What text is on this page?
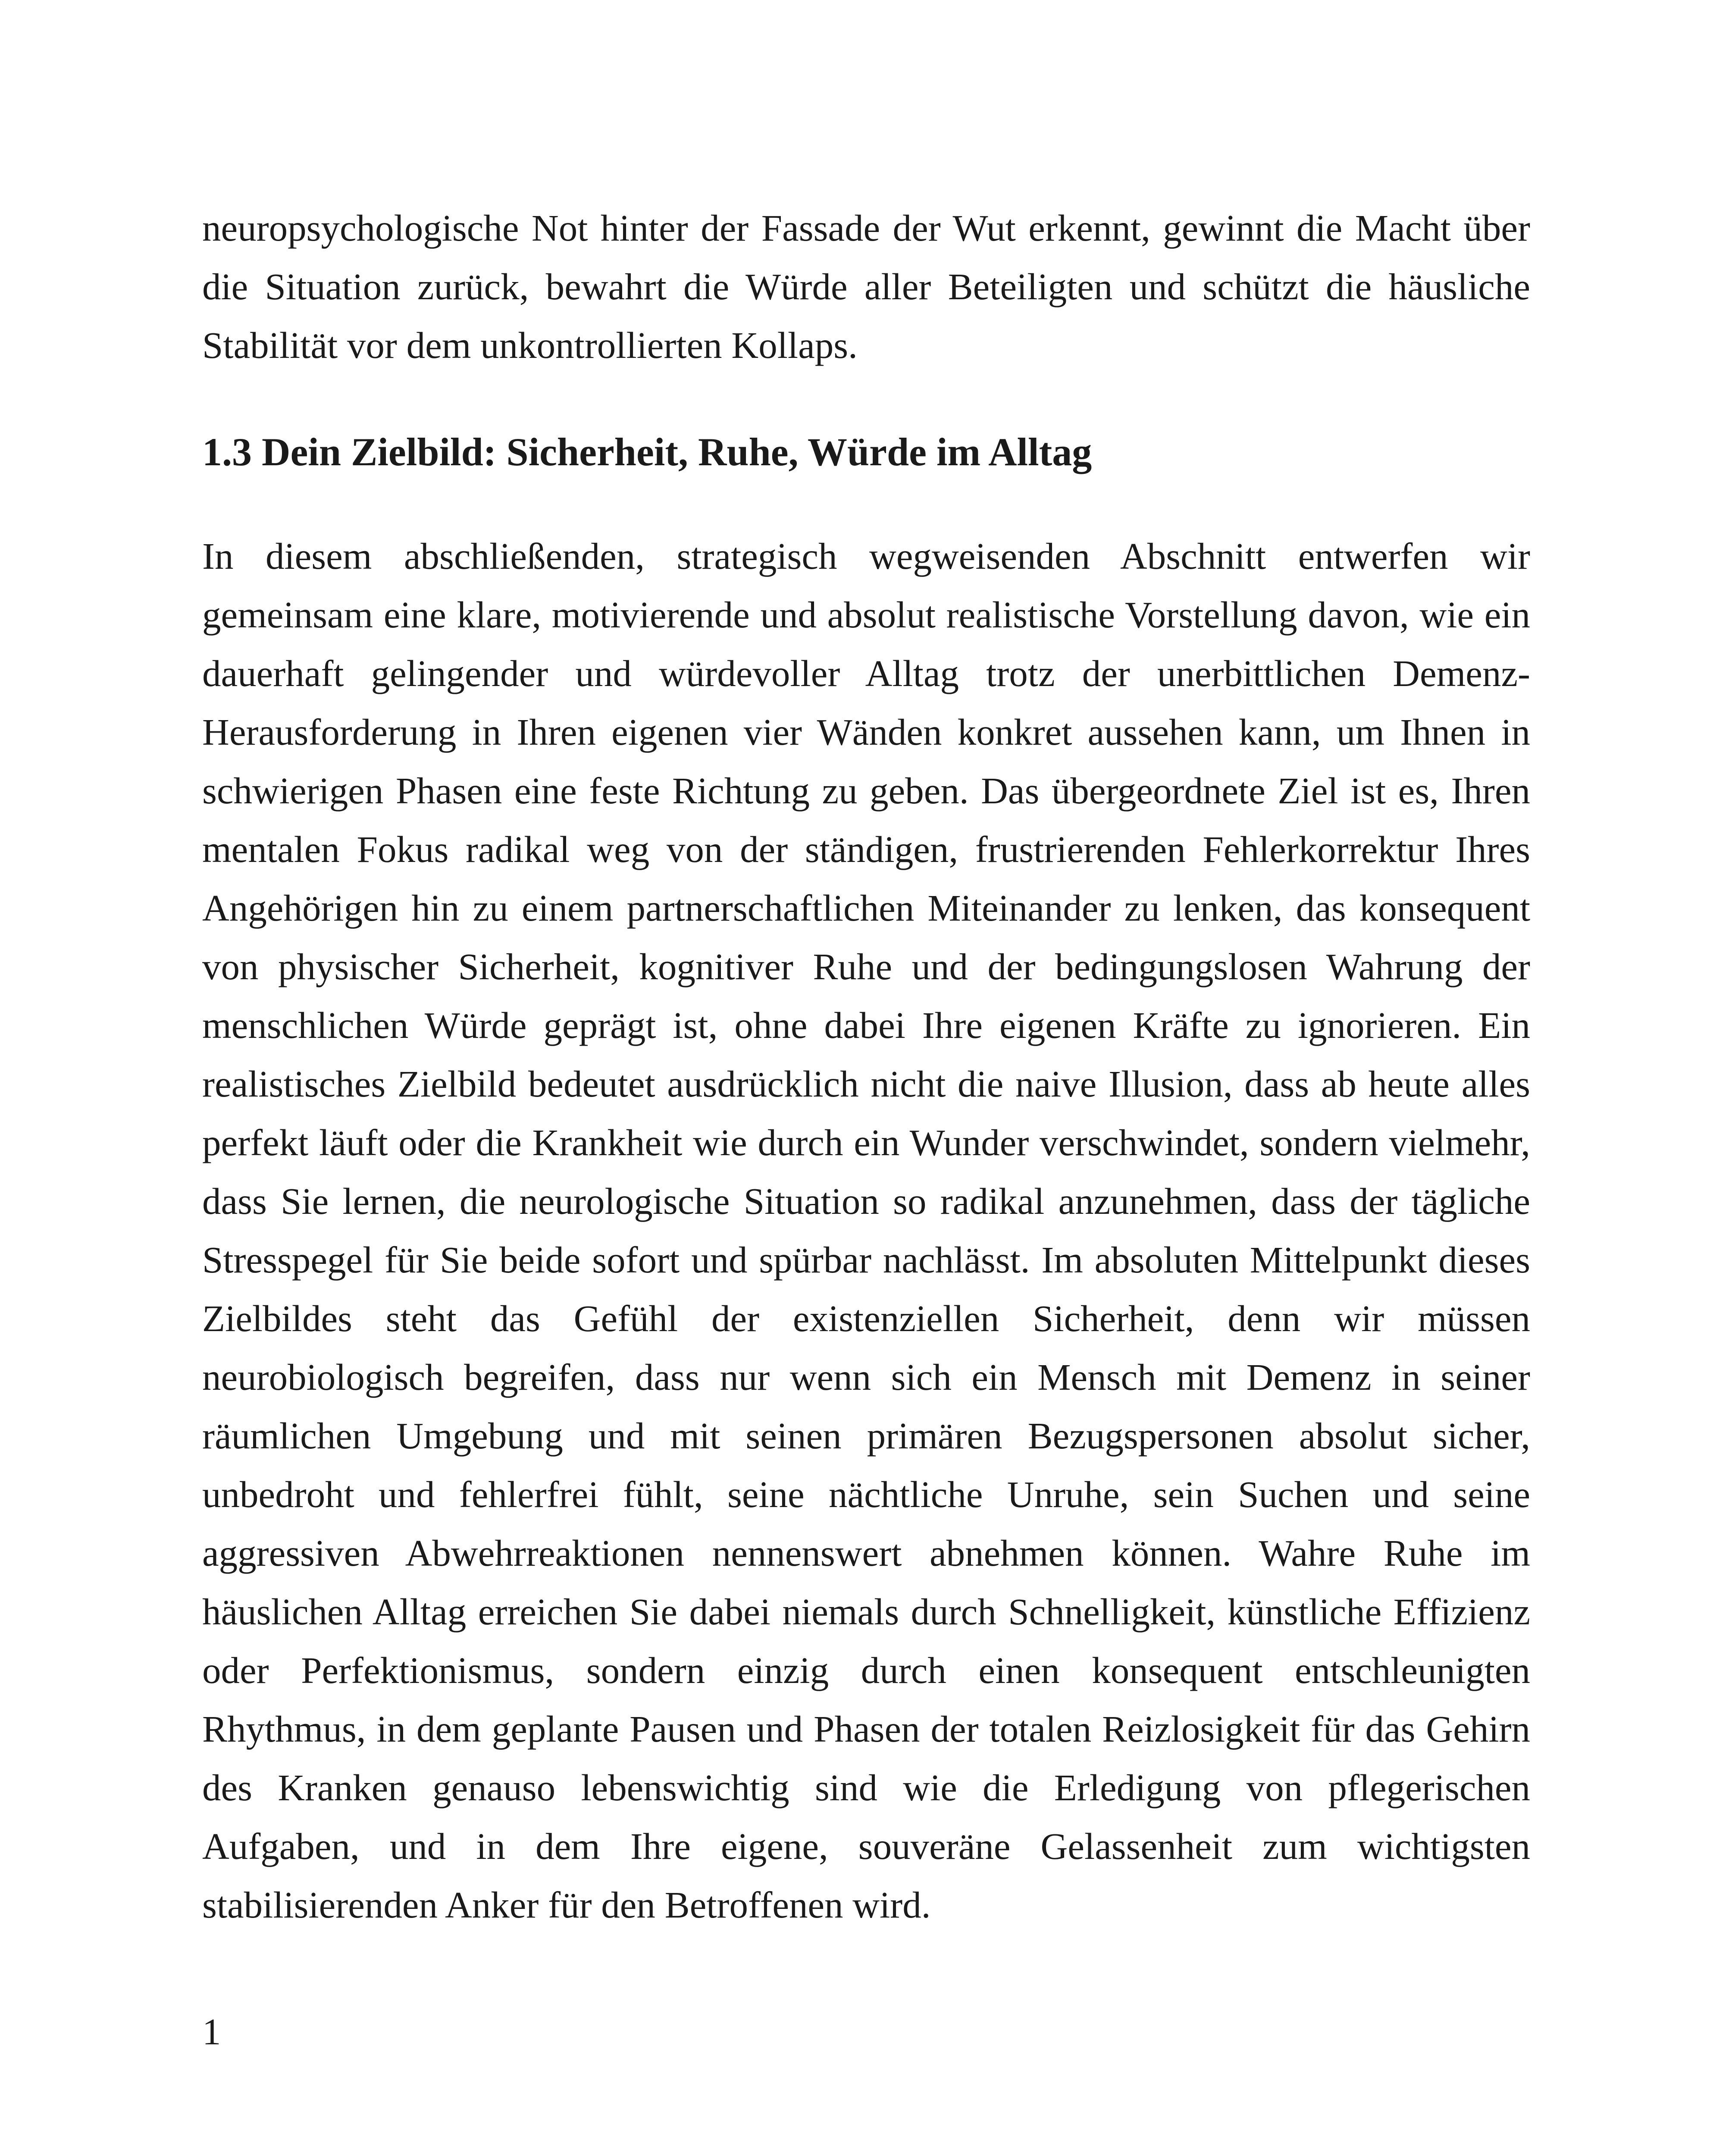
neuropsychologische Not hinter der Fassade der Wut erkennt, gewinnt die Macht über die Situation zurück, bewahrt die Würde aller Beteiligten und schützt die häusliche Stabilität vor dem unkontrollierten Kollaps.

1.3 Dein Zielbild: Sicherheit, Ruhe, Würde im Alltag

In diesem abschließenden, strategisch wegweisenden Abschnitt entwerfen wir gemeinsam eine klare, motivierende und absolut realistische Vorstellung davon, wie ein dauerhaft gelingender und würdevoller Alltag trotz der unerbittlichen Demenz-Herausforderung in Ihren eigenen vier Wänden konkret aussehen kann, um Ihnen in schwierigen Phasen eine feste Richtung zu geben. Das übergeordnete Ziel ist es, Ihren mentalen Fokus radikal weg von der ständigen, frustrierenden Fehlerkorrektur Ihres Angehörigen hin zu einem partnerschaftlichen Miteinander zu lenken, das konsequent von physischer Sicherheit, kognitiver Ruhe und der bedingungslosen Wahrung der menschlichen Würde geprägt ist, ohne dabei Ihre eigenen Kräfte zu ignorieren. Ein realistisches Zielbild bedeutet ausdrücklich nicht die naive Illusion, dass ab heute alles perfekt läuft oder die Krankheit wie durch ein Wunder verschwindet, sondern vielmehr, dass Sie lernen, die neurologische Situation so radikal anzunehmen, dass der tägliche Stresspegel für Sie beide sofort und spürbar nachlässt. Im absoluten Mittelpunkt dieses Zielbildes steht das Gefühl der existenziellen Sicherheit, denn wir müssen neurobiologisch begreifen, dass nur wenn sich ein Mensch mit Demenz in seiner räumlichen Umgebung und mit seinen primären Bezugspersonen absolut sicher, unbedroht und fehlerfrei fühlt, seine nächtliche Unruhe, sein Suchen und seine aggressiven Abwehrreaktionen nennenswert abnehmen können. Wahre Ruhe im häuslichen Alltag erreichen Sie dabei niemals durch Schnelligkeit, künstliche Effizienz oder Perfektionismus, sondern einzig durch einen konsequent entschleunigten Rhythmus, in dem geplante Pausen und Phasen der totalen Reizlosigkeit für das Gehirn des Kranken genauso lebenswichtig sind wie die Erledigung von pflegerischen Aufgaben, und in dem Ihre eigene, souveräne Gelassenheit zum wichtigsten stabilisierenden Anker für den Betroffenen wird.

1
